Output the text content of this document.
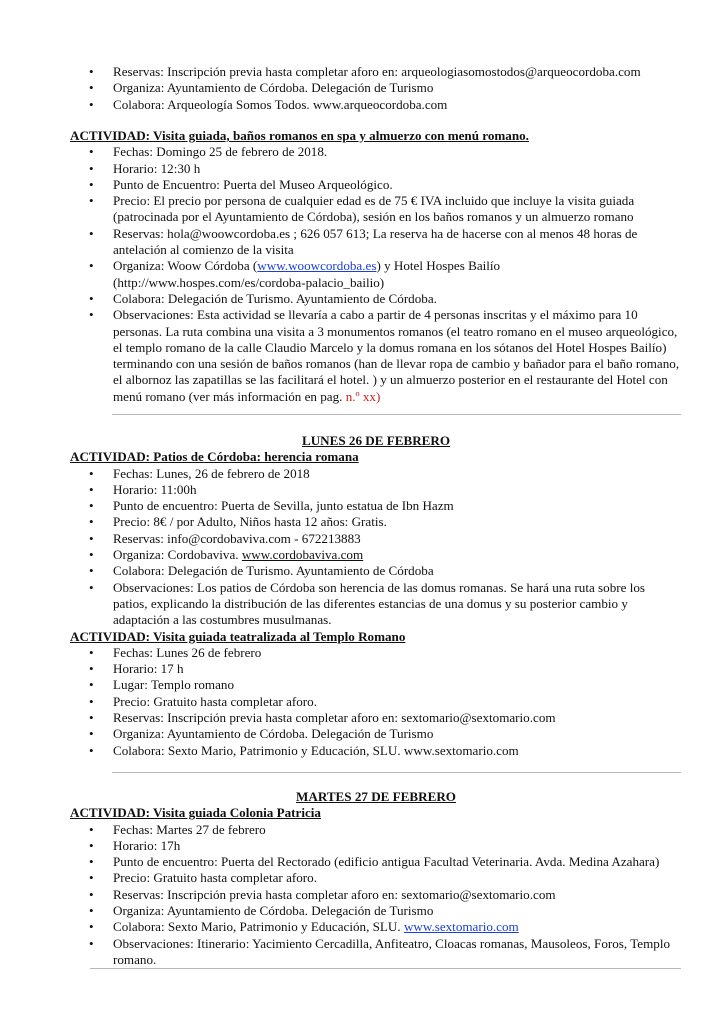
• Reservas: Inscripción previa hasta completar aforo en: arqueologiasomostodos@arqueocordoba.com
• Organiza: Ayuntamiento de Córdoba. Delegación de Turismo
• Colabora: Arqueología Somos Todos. www.arqueocordoba.com
ACTIVIDAD: Visita guiada, baños romanos en spa y almuerzo con menú romano.
• Fechas: Domingo 25 de febrero de 2018.
• Horario: 12:30 h
• Punto de Encuentro: Puerta del Museo Arqueológico.
• Precio: El precio por persona de cualquier edad es de 75 € IVA incluido que incluye la visita guiada (patrocinada por el Ayuntamiento de Córdoba), sesión en los baños romanos y un almuerzo romano
• Reservas: hola@woowcordoba.es ; 626 057 613; La reserva ha de hacerse con al menos 48 horas de antelación al comienzo de la visita
• Organiza: Woow Córdoba (www.woowcordoba.es) y Hotel Hospes Bailío (http://www.hospes.com/es/cordoba-palacio_bailio)
• Colabora: Delegación de Turismo. Ayuntamiento de Córdoba.
• Observaciones: Esta actividad se llevaría a cabo a partir de 4 personas inscritas y el máximo para 10 personas. La ruta combina una visita a 3 monumentos romanos (el teatro romano en el museo arqueológico, el templo romano de la calle Claudio Marcelo y la domus romana en los sótanos del Hotel Hospes Bailío) terminando con una sesión de baños romanos (han de llevar ropa de cambio y bañador para el baño romano, el albornoz las zapatillas se las facilitará el hotel. ) y un almuerzo posterior en el restaurante del Hotel con menú romano (ver más información en pag. n.º xx)
LUNES 26 DE FEBRERO
ACTIVIDAD: Patios de Córdoba: herencia romana
• Fechas: Lunes, 26 de febrero de 2018
• Horario: 11:00h
• Punto de encuentro: Puerta de Sevilla, junto estatua de Ibn Hazm
• Precio: 8€ / por Adulto, Niños hasta 12 años: Gratis.
• Reservas: info@cordobaviva.com - 672213883
• Organiza: Cordobaviva. www.cordobaviva.com
• Colabora: Delegación de Turismo. Ayuntamiento de Córdoba
• Observaciones: Los patios de Córdoba son herencia de las domus romanas. Se hará una ruta sobre los patios, explicando la distribución de las diferentes estancias de una domus y su posterior cambio y adaptación a las costumbres musulmanas.
ACTIVIDAD: Visita guiada teatralizada al Templo Romano
• Fechas: Lunes 26 de febrero
• Horario: 17 h
• Lugar: Templo romano
• Precio: Gratuito hasta completar aforo.
• Reservas: Inscripción previa hasta completar aforo en: sextomario@sextomario.com
• Organiza: Ayuntamiento de Córdoba. Delegación de Turismo
• Colabora: Sexto Mario, Patrimonio y Educación, SLU. www.sextomario.com
MARTES 27 DE FEBRERO
ACTIVIDAD: Visita guiada Colonia Patricia
• Fechas: Martes 27 de febrero
• Horario: 17h
• Punto de encuentro: Puerta del Rectorado (edificio antigua Facultad Veterinaria. Avda. Medina Azahara)
• Precio: Gratuito hasta completar aforo.
• Reservas: Inscripción previa hasta completar aforo en: sextomario@sextomario.com
• Organiza: Ayuntamiento de Córdoba. Delegación de Turismo
• Colabora: Sexto Mario, Patrimonio y Educación, SLU. www.sextomario.com
• Observaciones: Itinerario: Yacimiento Cercadilla, Anfiteatro, Cloacas romanas, Mausoleos, Foros, Templo romano.
